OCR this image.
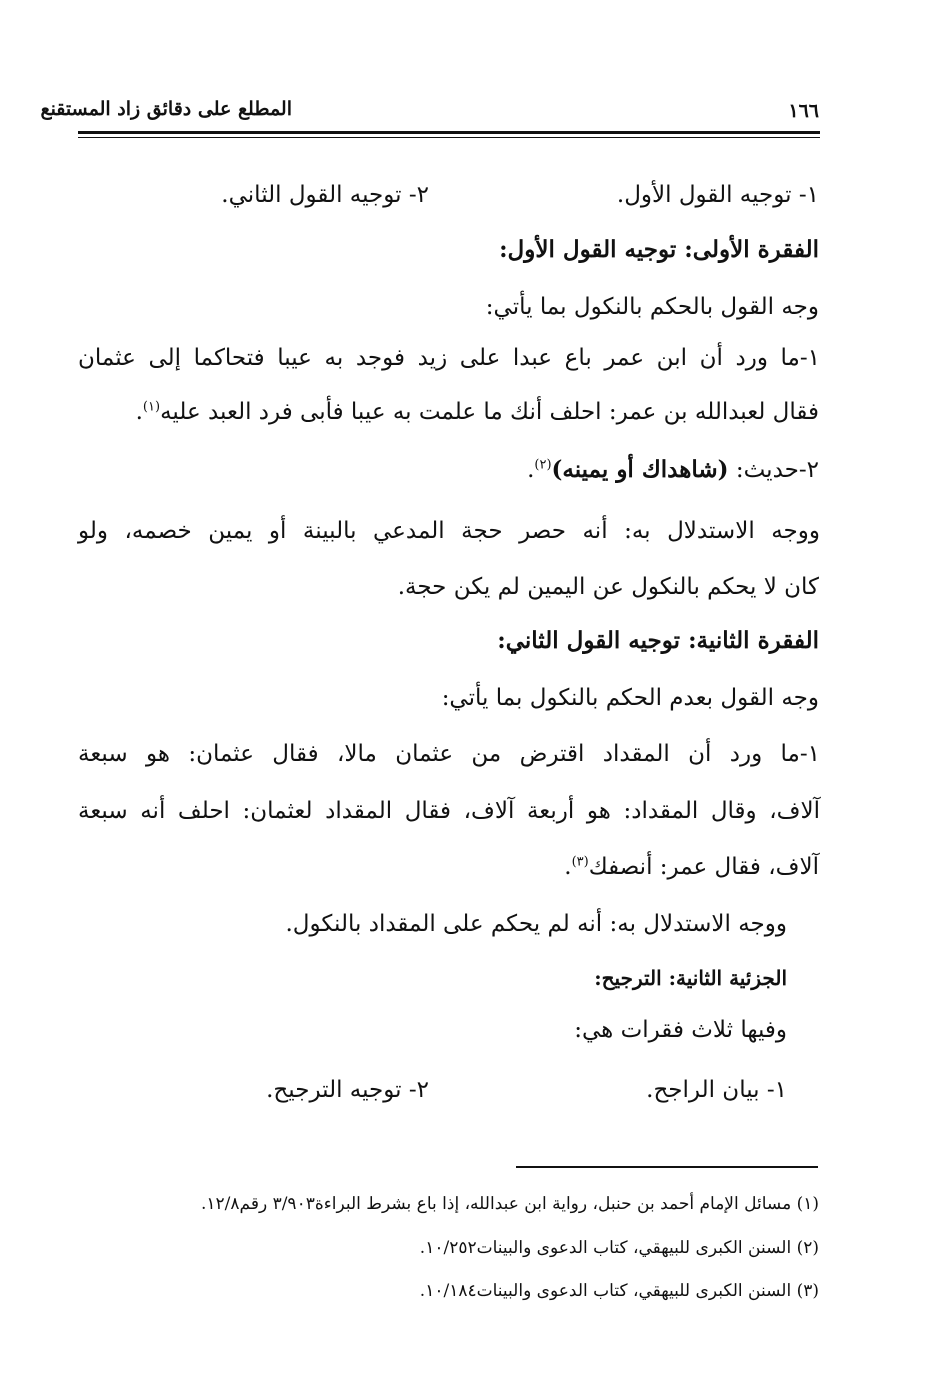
المطلع على دقائق زاد المستقنع	١٦٦
١- توجيه القول الأول.
٢- توجيه القول الثاني.
الفقرة الأولى: توجيه القول الأول:
وجه القول بالحكم بالنكول بما يأتي:
١-ما ورد أن ابن عمر باع عبدا على زيد فوجد به عيبا فتحاكما إلى عثمان
فقال لعبدالله بن عمر: احلف أنك ما علمت به عيبا فأبى فرد العبد عليه$^{(١)}$.
٢-حديث: (شاهداك أو يمينه)$^{(٢)}$.
ووجه الاستدلال به: أنه حصر حجة المدعي بالبينة أو يمين خصمه، ولو
كان لا يحكم بالنكول عن اليمين لم يكن حجة.
الفقرة الثانية: توجيه القول الثاني:
وجه القول بعدم الحكم بالنكول بما يأتي:
١-ما ورد أن المقداد اقترض من عثمان مالا، فقال عثمان: هو سبعة
آلاف، وقال المقداد: هو أربعة آلاف، فقال المقداد لعثمان: احلف أنه سبعة
آلاف، فقال عمر: أنصفك$^{(٣)}$.
ووجه الاستدلال به: أنه لم يحكم على المقداد بالنكول.
الجزئية الثانية: الترجيح:
وفيها ثلاث فقرات هي:
١- بيان الراجح.
٢- توجيه الترجيح.
(١) مسائل الإمام أحمد بن حنبل، رواية ابن عبدالله، إذا باع بشرط البراءة٣/٩٠٣ رقم١٢/٨.
(٢) السنن الكبرى للبيهقي، كتاب الدعوى والبينات١٠/٢٥٢.
(٣) السنن الكبرى للبيهقي، كتاب الدعوى والبينات١٠/١٨٤.
